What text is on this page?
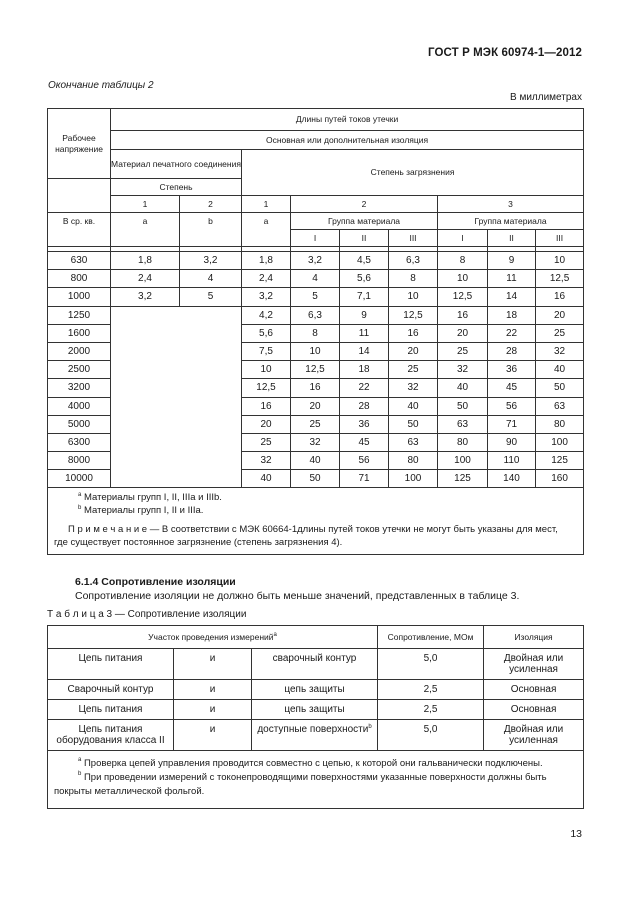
ГОСТ Р МЭК 60974-1—2012
Окончание таблицы 2
В миллиметрах
Рабочее напряжение	Длины путей токов утечки								
	Основная или дополнительная изоляция								
	Материал печатного соединения		Степень загрязнения						
	Степень								
	1	2	1	2			3		
В ср. кв.	a	b	a	Группа материала			Группа материала		
				I	II	III	I	II	III

630	1,8	3,2	1,8	3,2	4,5	6,3	8	9	10
800	2,4	4	2,4	4	5,6	8	10	11	12,5
1000	3,2	5	3,2	5	7,1	10	12,5	14	16
1250			4,2	6,3	9	12,5	16	18	20
1600			5,6	8	11	16	20	22	25
2000			7,5	10	14	20	25	28	32
2500			10	12,5	18	25	32	36	40
3200			12,5	16	22	32	40	45	50
4000			16	20	28	40	50	56	63
5000			20	25	36	50	63	71	80
6300			25	32	45	63	80	90	100
8000			32	40	56	80	100	110	125
10000			40	50	71	100	125	140	160

$^a$ Материалы групп I, II, IIIa и IIIb.
$^b$ Материалы групп I, II и IIIa.
П р и м е ч а н и е — В соответствии с МЭК 60664-1длины путей токов утечки не могут быть указаны для мест, где существует постоянное загрязнение (степень загрязнения 4).									
6.1.4 Сопротивление изоляции
Сопротивление изоляции не должно быть меньше значений, представленных в таблице 3.
Т а б л и ц а 3 — Сопротивление изоляции
Участок проведения измерений$^a$			Сопротивление, МОм	Изоляция
Цепь питания	и	сварочный контур	5,0	Двойная или усиленная
Сварочный контур	и	цепь защиты	2,5	Основная
Цепь питания	и	цепь защиты	2,5	Основная
Цепь питания оборудования класса II	и	доступные поверхности$^b$	5,0	Двойная или усиленная

$^a$ Проверка цепей управления проводится совместно с цепью, к которой они гальванически подключены.
$^b$ При проведении измерений с токонепроводящими поверхностями указанные поверхности должны быть покрыты металлической фольгой.				
13
